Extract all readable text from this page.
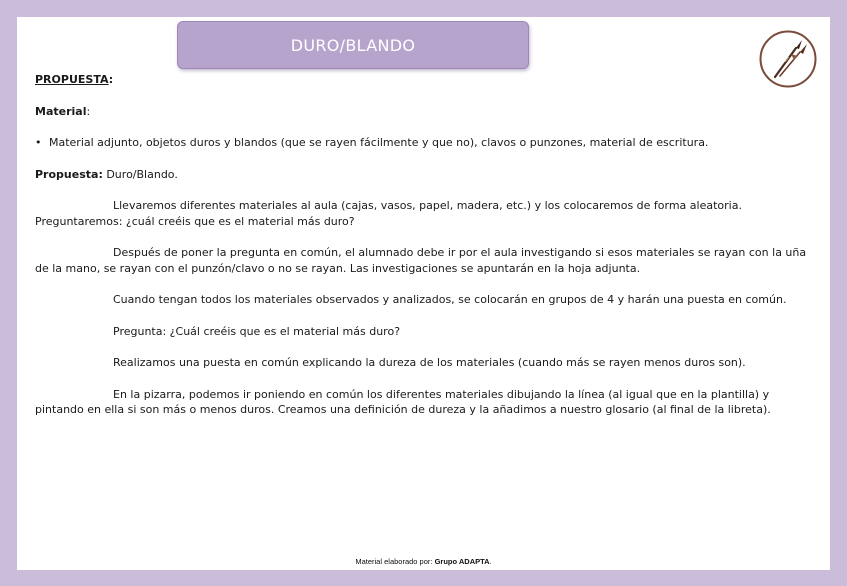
DURO/BLANDO

PROPUESTA:

Material:

• Material adjunto, objetos duros y blandos (que se rayen fácilmente y que no), clavos o punzones, material de escritura.

Propuesta: Duro/Blando.

Llevaremos diferentes materiales al aula (cajas, vasos, papel, madera, etc.) y los colocaremos de forma aleatoria. Preguntaremos: ¿cuál creéis que es el material más duro?

Después de poner la pregunta en común, el alumnado debe ir por el aula investigando si esos materiales se rayan con la uña de la mano, se rayan con el punzón/clavo o no se rayan. Las investigaciones se apuntarán en la hoja adjunta.

Cuando tengan todos los materiales observados y analizados, se colocarán en grupos de 4 y harán una puesta en común.

Pregunta: ¿Cuál creéis que es el material más duro?

Realizamos una puesta en común explicando la dureza de los materiales (cuando más se rayen menos duros son).

En la pizarra, podemos ir poniendo en común los diferentes materiales dibujando la línea (al igual que en la plantilla) y pintando en ella si son más o menos duros. Creamos una definición de dureza y la añadimos a nuestro glosario (al final de la libreta).

Material elaborado por: Grupo ADAPTA.
